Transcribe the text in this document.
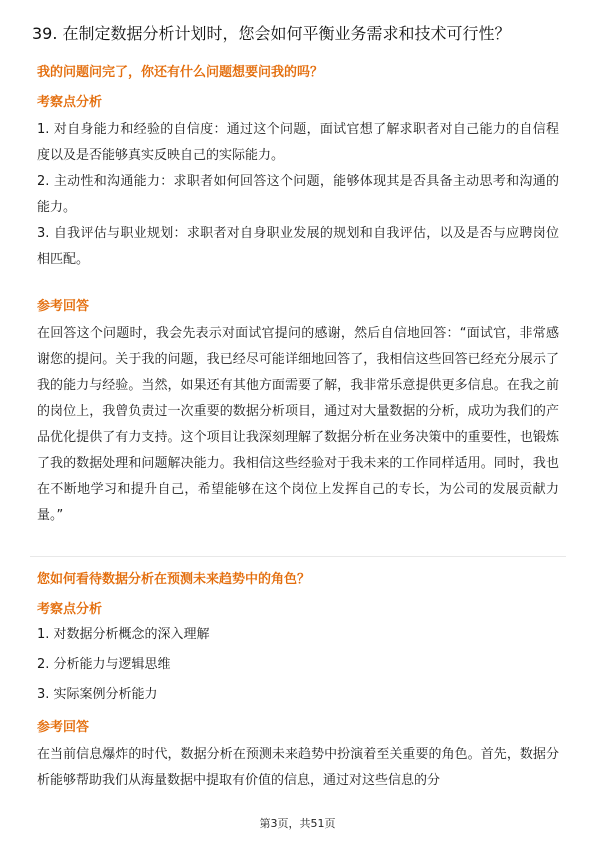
39. 在制定数据分析计划时，您会如何平衡业务需求和技术可行性？
我的问题问完了，你还有什么问题想要问我的吗？
考察点分析

1. 对自身能力和经验的自信度：通过这个问题，面试官想了解求职者对自己能力的自信程度以及是否能够真实反映自己的实际能力。

2. 主动性和沟通能力：求职者如何回答这个问题，能够体现其是否具备主动思考和沟通的能力。

3. 自我评估与职业规划：求职者对自身职业发展的规划和自我评估，以及是否与应聘岗位相匹配。

参考回答

在回答这个问题时，我会先表示对面试官提问的感谢，然后自信地回答：“面试官，非常感谢您的提问。关于我的问题，我已经尽可能详细地回答了，我相信这些回答已经充分展示了我的能力与经验。当然，如果还有其他方面需要了解，我非常乐意提供更多信息。在我之前的岗位上，我曾负责过一次重要的数据分析项目，通过对大量数据的分析，成功为我们的产品优化提供了有力支持。这个项目让我深刻理解了数据分析在业务决策中的重要性，也锻炼了我的数据处理和问题解决能力。我相信这些经验对于我未来的工作同样适用。同时，我也在不断地学习和提升自己，希望能够在这个岗位上发挥自己的专长，为公司的发展贡献力量。”

您如何看待数据分析在预测未来趋势中的角色？
考察点分析

1. 对数据分析概念的深入理解

2. 分析能力与逻辑思维

3. 实际案例分析能力

参考回答

在当前信息爆炸的时代，数据分析在预测未来趋势中扮演着至关重要的角色。首先，数据分析能够帮助我们从海量数据中提取有价值的信息，通过对这些信息的分

第3页，共51页
